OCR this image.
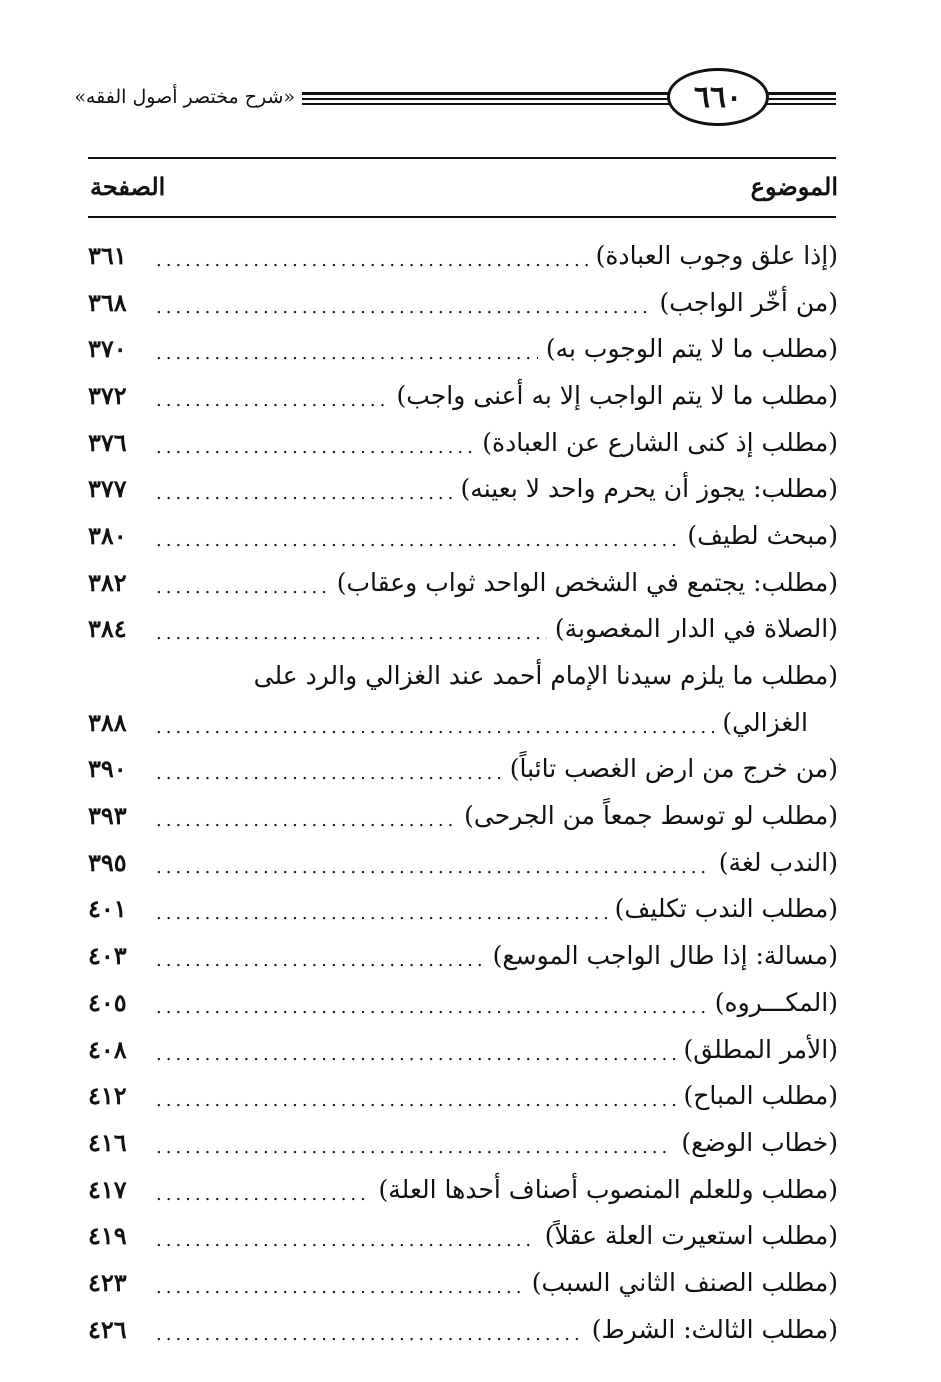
«شرح مختصر أصول الفقه»	٦٦٠
الموضوع
الصفحة
(إذا علق وجوب العبادة)
.....
٣٦١
(من أخّر الواجب)
.....
٣٦٨
(مطلب ما لا يتم الوجوب به)
.....
٣٧٠
(مطلب ما لا يتم الواجب إلا به أعنى واجب)
.....
٣٧٢
(مطلب إذ كنى الشارع عن العبادة)
.....
٣٧٦
(مطلب: يجوز أن يحرم واحد لا بعينه)
.....
٣٧٧
(مبحث لطيف)
.....
٣٨٠
(مطلب: يجتمع في الشخص الواحد ثواب وعقاب)
.....
٣٨٢
(الصلاة في الدار المغصوبة)
.....
٣٨٤
(مطلب ما يلزم سيدنا الإمام أحمد عند الغزالي والرد على
الغزالي)
.....
٣٨٨
(من خرج من ارض الغصب تائباً)
.....
٣٩٠
(مطلب لو توسط جمعاً من الجرحى)
.....
٣٩٣
(الندب لغة)
.....
٣٩٥
(مطلب الندب تكليف)
.....
٤٠١
(مسالة: إذا طال الواجب الموسع)
.....
٤٠٣
(المكـــروه)
.....
٤٠٥
(الأمر المطلق)
.....
٤٠٨
(مطلب المباح)
.....
٤١٢
(خطاب الوضع)
.....
٤١٦
(مطلب وللعلم المنصوب أصناف أحدها العلة)
.....
٤١٧
(مطلب استعيرت العلة عقلاً)
.....
٤١٩
(مطلب الصنف الثاني السبب)
.....
٤٢٣
(مطلب الثالث: الشرط)
.....
٤٢٦
